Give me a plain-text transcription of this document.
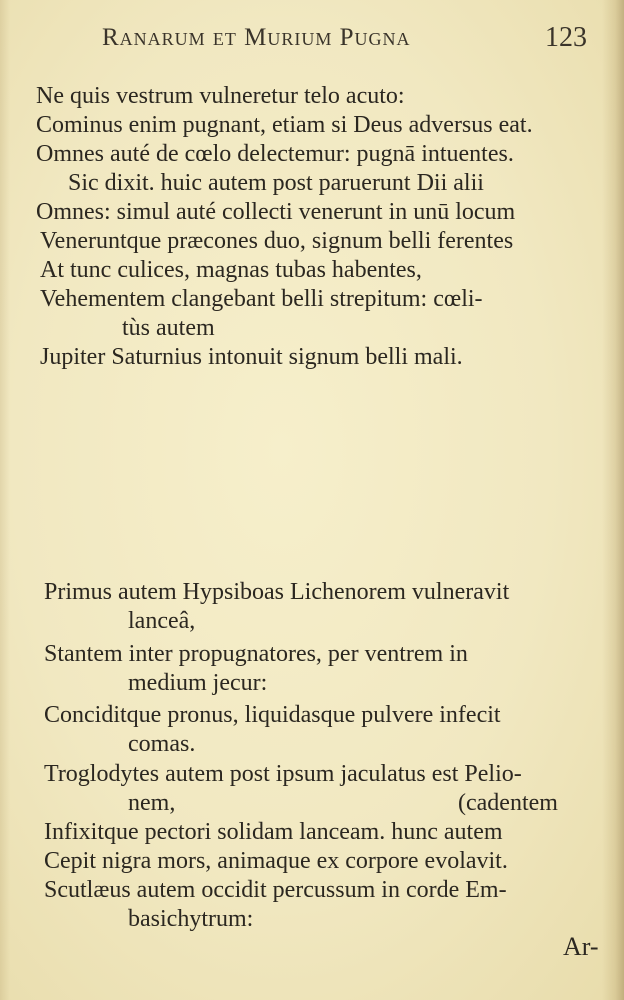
Ranarum et Murium Pugna	123
Ne quis vestrum vulneretur telo acuto:
Cominus enim pugnant, etiam si Deus adversus eat.
Omnes auté de cœlo delectemur: pugnā intuentes.
Sic dixit. huic autem post paruerunt Dii alii
Omnes: simul auté collecti venerunt in unū locum
Veneruntque præcones duo, signum belli ferentes
At tunc culices, magnas tubas habentes,
Vehementem clangebant belli strepitum: cœli-
tùs autem
Jupiter Saturnius intonuit signum belli mali.
Primus autem Hypsiboas Lichenorem vulneravit
lanceâ,
Stantem inter propugnatores, per ventrem in
medium jecur:
Conciditque pronus, liquidasque pulvere infecit
comas.
Troglodytes autem post ipsum jaculatus est Pelio-
nem,	(cadentem
Infixitque pectori solidam lanceam. hunc autem
Cepit nigra mors, animaque ex corpore evolavit.
Scutlæus autem occidit percussum in corde Em-
basichytrum:
Ar-
